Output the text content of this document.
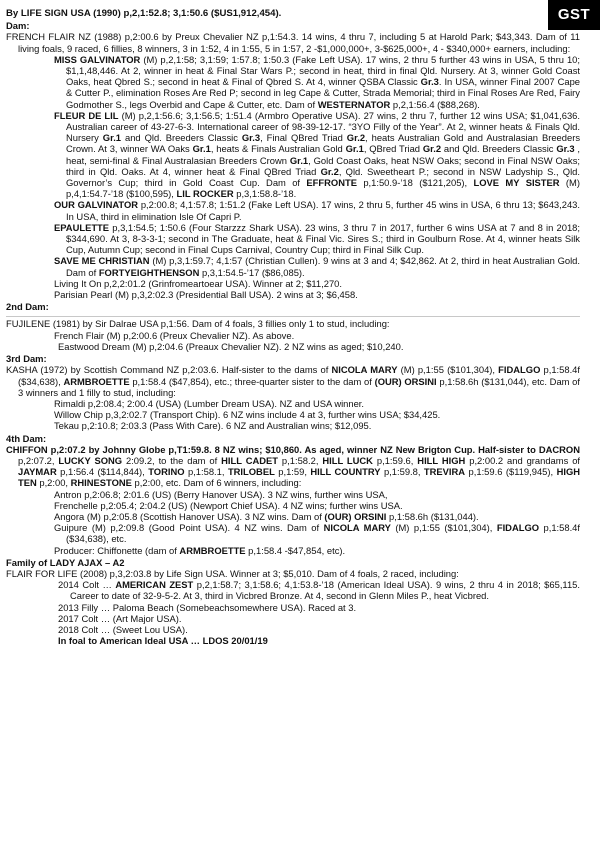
GST
By LIFE SIGN USA (1990) p,2,1:52.8; 3,1:50.6 ($US1,912,454).
Dam:

FRENCH FLAIR NZ (1988) p,2:00.6 by Preux Chevalier NZ p,1:54.3. 14 wins, 4 thru 7, including 5 at Harold Park; $43,343. Dam of 11 living foals, 9 raced, 6 fillies, 8 winners, 3 in 1:52, 4 in 1:55, 5 in 1:57, 2 -$1,000,000+, 3-$625,000+, 4 - $340,000+ earners, including:

MISS GALVINATOR (M) p,2,1:58; 3,1:59; 1:57.8; 1:50.3 (Fake Left USA). 17 wins, 2 thru 5 further 43 wins in USA, 5 thru 10; $1,1,48,446. At 2, winner in heat & Final Star Wars P.; second in heat, third in final Qld. Nursery. At 3, winner Gold Coast Oaks, heat Qbred S.; second in heat & Final of Qbred S. At 4, winner QSBA Classic Gr.3. In USA, winner Final 2007 Cape & Cutter P., elimination Roses Are Red P; second in leg Cape & Cutter, Strada Memorial; third in Final Roses Are Red, Fairy Godmother S., legs Overbid and Cape & Cutter, etc. Dam of WESTERNATOR p,2,1:56.4 ($88,268).

FLEUR DE LIL (M) p,2,1:56.6; 3,1:56.5; 1:51.4 (Armbro Operative USA). 27 wins, 2 thru 7, further 12 wins USA; $1,041,636. Australian career of 43-27-6-3. International career of 98-39-12-17. “3YO Filly of the Year”. At 2, winner heats & Finals Qld. Nursery Gr.1 and Qld. Breeders Classic Gr.3, Final QBred Triad Gr.2, heats Australian Gold and Australasian Breeders Crown. At 3, winner WA Oaks Gr.1, heats & Finals Australian Gold Gr.1, QBred Triad Gr.2 and Qld. Breeders Classic Gr.3 , heat, semi-final & Final Australasian Breeders Crown Gr.1, Gold Coast Oaks, heat NSW Oaks; second in Final NSW Oaks; third in Qld. Oaks. At 4, winner heat & Final QBred Triad Gr.2, Qld. Sweetheart P.; second in NSW Ladyship S., Qld. Governor’s Cup; third in Gold Coast Cup. Dam of EFFRONTE p,1:50.9-’18 ($121,205), LOVE MY SISTER (M) p,4,1:54.7-’18 ($100,595), LIL ROCKER p,3,1:58.8-’18.

OUR GALVINATOR p,2:00.8; 4,1:57.8; 1:51.2 (Fake Left USA). 17 wins, 2 thru 5, further 45 wins in USA, 6 thru 13; $643,243. In USA, third in elimination Isle Of Capri P.

EPAULETTE p,3,1:54.5; 1:50.6 (Four Starzzz Shark USA). 23 wins, 3 thru 7 in 2017, further 6 wins USA at 7 and 8 in 2018; $344,690. At 3, 8-3-3-1; second in The Graduate, heat & Final Vic. Sires S.; third in Goulburn Rose. At 4, winner heats Silk Cup, Autumn Cup; second in Final Cups Carnival, Country Cup; third in Final Silk Cup.

SAVE ME CHRISTIAN (M) p,3,1:59.7; 4,1:57 (Christian Cullen). 9 wins at 3 and 4; $42,862. At 2, third in heat Australian Gold. Dam of FORTYEIGHTHENSON p,3,1:54.5-’17 ($86,085).

Living It On p,2,2:01.2 (Grinfromeartoear USA). Winner at 2; $11,270.

Parisian Pearl (M) p,3,2:02.3 (Presidential Ball USA). 2 wins at 3; $6,458.

2nd Dam:

FUJILENE (1981) by Sir Dalrae USA p,1:56. Dam of 4 foals, 3 fillies only 1 to stud, including:

French Flair (M) p,2:00.6 (Preux Chevalier NZ). As above.

Eastwood Dream (M) p,2:04.6 (Preaux Chevalier NZ). 2 NZ wins as aged; $10,240.

3rd Dam:

KASHA (1972) by Scottish Command NZ p,2:03.6. Half-sister to the dams of NICOLA MARY (M) p,1:55 ($101,304), FIDALGO p,1:58.4f ($34,638), ARMBROETTE p,1:58.4 ($47,854), etc.; three-quarter sister to the dam of (OUR) ORSINI p,1:58.6h ($131,044), etc. Dam of 3 winners and 1 filly to stud, including:

Rimaldi p,2:08.4; 2:00.4 (USA) (Lumber Dream USA). NZ and USA winner.

Willow Chip p,3,2:02.7 (Transport Chip). 6 NZ wins include 4 at 3, further wins USA; $34,425.

Tekau p,2:10.8; 2:03.3 (Pass With Care). 6 NZ and Australian wins; $12,095.

4th Dam:

CHIFFON p,2:07.2 by Johnny Globe p,T1:59.8. 8 NZ wins; $10,860. As aged, winner NZ New Brigton Cup. Half-sister to DACRON p,2:07.2, LUCKY SONG 2:09.2, to the dam of HILL CADET p,1:58.2, HILL LUCK p,1:59.6, HILL HIGH p,2:00.2 and grandams of JAYMAR p,1:56.4 ($114,844), TORINO p,1:58.1, TRILOBEL p,1:59, HILL COUNTRY p,1:59.8, TREVIRA p,1:59.6 ($119,945), HIGH TEN p,2:00, RHINESTONE p,2:00, etc. Dam of 6 winners, including:

Antron p,2:06.8; 2:01.6 (US) (Berry Hanover USA). 3 NZ wins, further wins USA,

Frenchelle p,2:05.4; 2:04.2 (US) (Newport Chief USA). 4 NZ wins; further wins USA.

Angora (M) p,2:05.8 (Scottish Hanover USA). 3 NZ wins. Dam of (OUR) ORSINI p,1:58.6h ($131,044).

Guipure (M) p,2:09.8 (Good Point USA). 4 NZ wins. Dam of NICOLA MARY (M) p,1:55 ($101,304), FIDALGO p,1:58.4f ($34,638), etc.

Producer: Chiffonette (dam of ARMBROETTE p,1:58.4 -$47,854, etc).

Family of LADY AJAX – A2

FLAIR FOR LIFE (2008) p,3,2:03.8 by Life Sign USA. Winner at 3; $5,010. Dam of 4 foals, 2 raced, including:

2014 Colt … AMERICAN ZEST p,2,1:58.7; 3,1:58.6; 4,1:53.8-’18 (American Ideal USA). 9 wins, 2 thru 4 in 2018; $65,115. Career to date of 32-9-5-2. At 3, third in Vicbred Bronze. At 4, second in Glenn Miles P., heat Vicbred.

2013 Filly … Paloma Beach (Somebeachsomewhere USA). Raced at 3.

2017 Colt … (Art Major USA).

2018 Colt … (Sweet Lou USA).

In foal to American Ideal USA … LDOS 20/01/19
